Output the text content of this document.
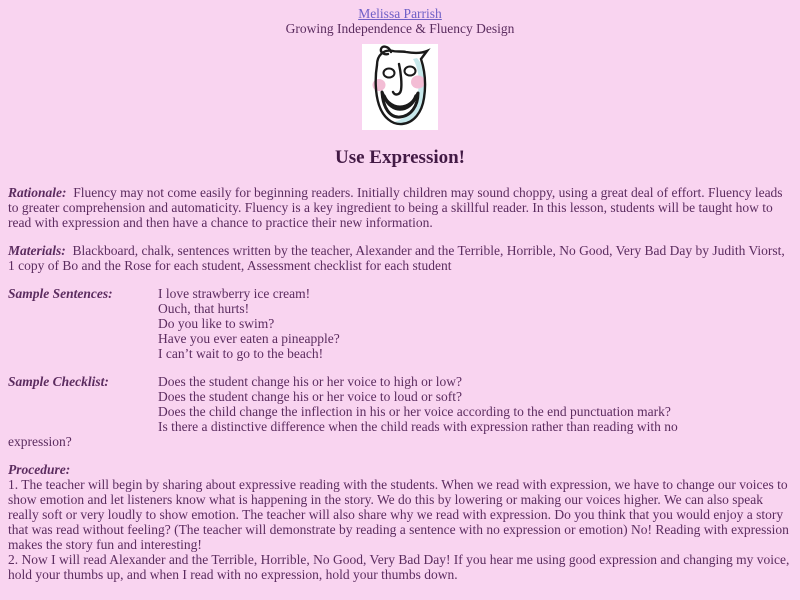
Melissa Parrish
Growing Independence & Fluency Design
Use Expression!
Rationale: Fluency may not come easily for beginning readers. Initially children may sound choppy, using a great deal of effort. Fluency leads to greater comprehension and automaticity. Fluency is a key ingredient to being a skillful reader. In this lesson, students will be taught how to read with expression and then have a chance to practice their new information.
Materials: Blackboard, chalk, sentences written by the teacher, Alexander and the Terrible, Horrible, No Good, Very Bad Day by Judith Viorst, 1 copy of Bo and the Rose for each student, Assessment checklist for each student
Sample Sentences:	I love strawberry ice cream!
Ouch, that hurts!
Do you like to swim?
Have you ever eaten a pineapple?
I can’t wait to go to the beach!
Sample Checklist:	Does the student change his or her voice to high or low?
Does the student change his or her voice to loud or soft?
Does the child change the inflection in his or her voice according to the end punctuation mark?
Is there a distinctive difference when the child reads with expression rather than reading with no
expression?
Procedure:

1. The teacher will begin by sharing about expressive reading with the students. When we read with expression, we have to change our voices to show emotion and let listeners know what is happening in the story. We do this by lowering or making our voices higher. We can also speak really soft or very loudly to show emotion. The teacher will also share why we read with expression. Do you think that you would enjoy a story that was read without feeling? (The teacher will demonstrate by reading a sentence with no expression or emotion) No! Reading with expression makes the story fun and interesting!

2. Now I will read Alexander and the Terrible, Horrible, No Good, Very Bad Day! If you hear me using good expression and changing my voice, hold your thumbs up, and when I read with no expression, hold your thumbs down.
